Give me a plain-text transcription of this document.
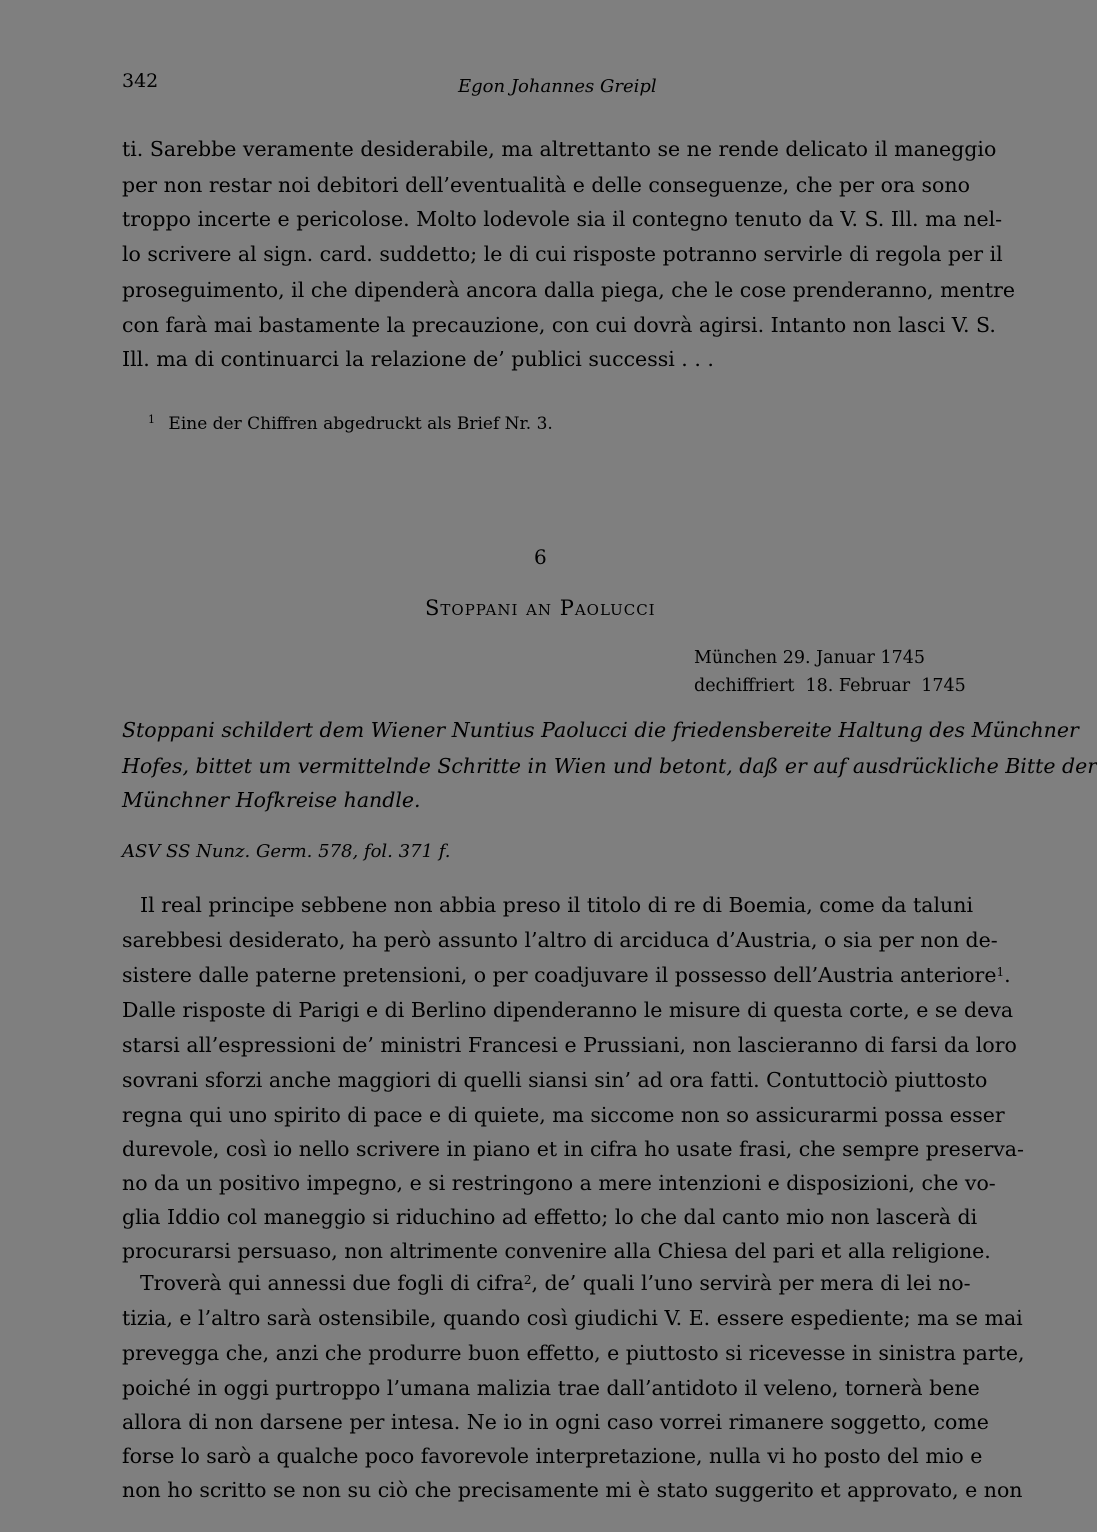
342	Egon Johannes Greipl
ti. Sarebbe veramente desiderabile, ma altrettanto se ne rende delicato il maneggio
per non restar noi debitori dell’eventualità e delle conseguenze, che per ora sono
troppo incerte e pericolose. Molto lodevole sia il contegno tenuto da V. S. Ill. ma nel-
lo scrivere al sign. card. suddetto; le di cui risposte potranno servirle di regola per il
proseguimento, il che dipenderà ancora dalla piega, che le cose prenderanno, mentre
con farà mai bastamente la precauzione, con cui dovrà agirsi. Intanto non lasci V. S.
Ill. ma di continuarci la relazione de’ publici successi . . .
$^1$ Eine der Chiffren abgedruckt als Brief Nr. 3.
6
Stoppani an Paolucci
München 29. Januar 1745
dechiffriert  18. Februar  1745
Stoppani schildert dem Wiener Nuntius Paolucci die friedensbereite Haltung des Münchner
Hofes, bittet um vermittelnde Schritte in Wien und betont, daß er auf ausdrückliche Bitte der
Münchner Hofkreise handle.
ASV SS Nunz. Germ. 578, fol. 371 f.
Il real principe sebbene non abbia preso il titolo di re di Boemia, come da taluni
sarebbesi desiderato, ha però assunto l’altro di arciduca d’Austria, o sia per non de-
sistere dalle paterne pretensioni, o per coadjuvare il possesso dell’Austria anteriore$^1$.
Dalle risposte di Parigi e di Berlino dipenderanno le misure di questa corte, e se deva
starsi all’espressioni de’ ministri Francesi e Prussiani, non lascieranno di farsi da loro
sovrani sforzi anche maggiori di quelli siansi sin’ ad ora fatti. Contuttociò piuttosto
regna qui uno spirito di pace e di quiete, ma siccome non so assicurarmi possa esser
durevole, così io nello scrivere in piano et in cifra ho usate frasi, che sempre preserva-
no da un positivo impegno, e si restringono a mere intenzioni e disposizioni, che vo-
glia Iddio col maneggio si riduchino ad effetto; lo che dal canto mio non lascerà di
procurarsi persuaso, non altrimente convenire alla Chiesa del pari et alla religione.
Troverà qui annessi due fogli di cifra$^2$, de’ quali l’uno servirà per mera di lei no-
tizia, e l’altro sarà ostensibile, quando così giudichi V. E. essere espediente; ma se mai
prevegga che, anzi che produrre buon effetto, e piuttosto si ricevesse in sinistra parte,
poiché in oggi purtroppo l’umana malizia trae dall’antidoto il veleno, tornerà bene
allora di non darsene per intesa. Ne io in ogni caso vorrei rimanere soggetto, come
forse lo sarò a qualche poco favorevole interpretazione, nulla vi ho posto del mio e
non ho scritto se non su ciò che precisamente mi è stato suggerito et approvato, e non
